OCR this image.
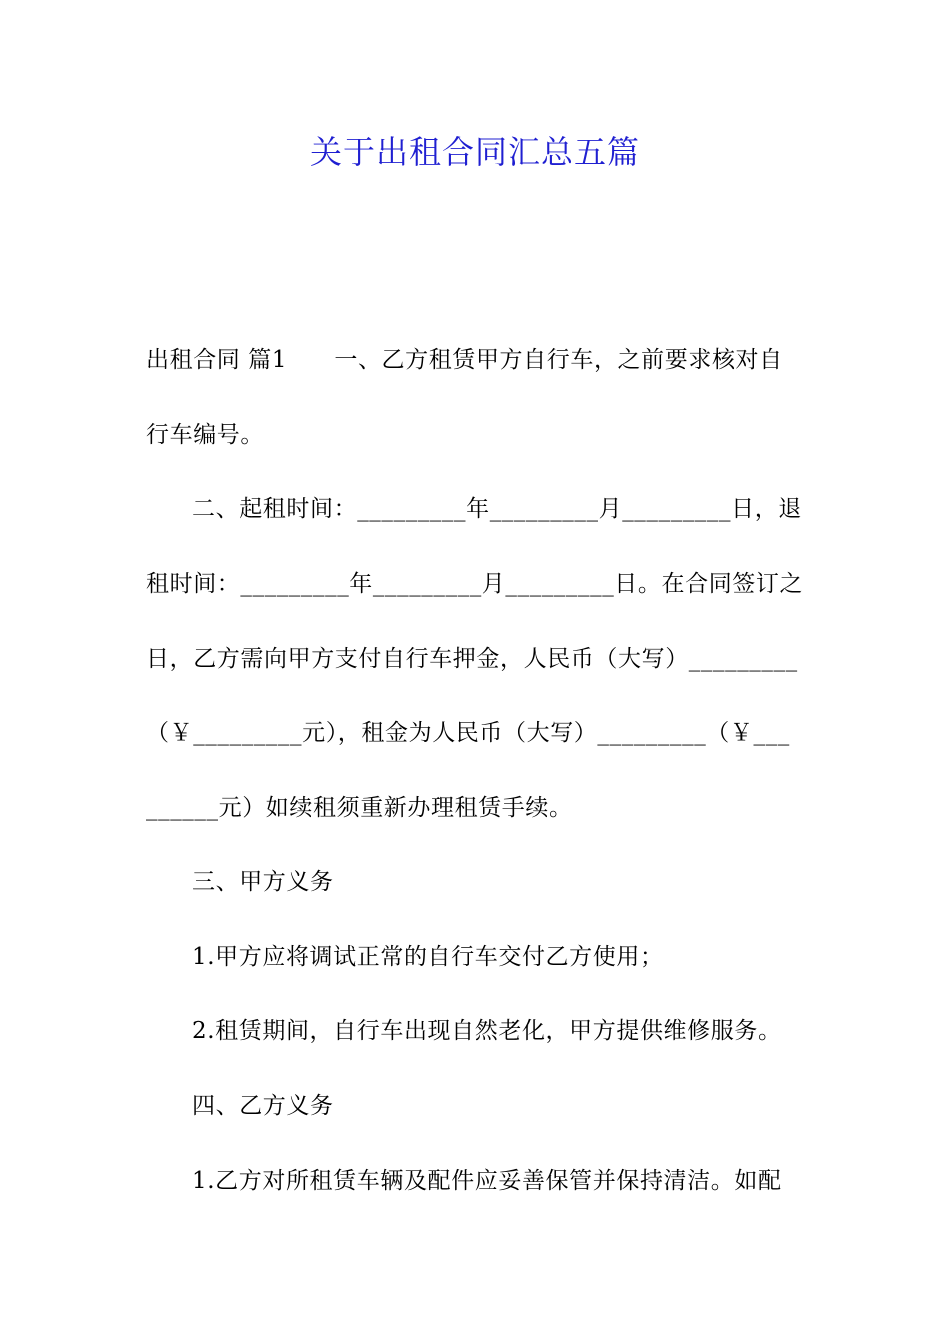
关于出租合同汇总五篇
出租合同 篇1　　一、乙方租赁甲方自行车，之前要求核对自
行车编号。
二、起租时间：_________年_________月_________日，退
租时间：_________年_________月_________日。在合同签订之
日，乙方需向甲方支付自行车押金，人民币（大写）_________
（￥_________元），租金为人民币（大写）_________（￥___
______元）如续租须重新办理租赁手续。
三、甲方义务
1.甲方应将调试正常的自行车交付乙方使用；
2.租赁期间，自行车出现自然老化，甲方提供维修服务。
四、乙方义务
1.乙方对所租赁车辆及配件应妥善保管并保持清洁。如配
